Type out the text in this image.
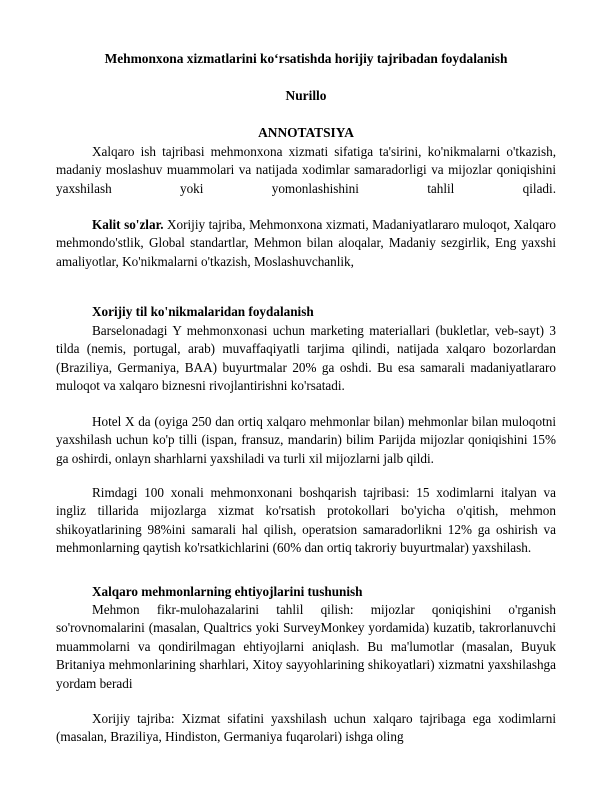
Mehmonxona xizmatlarini koʻrsatishda horijiy tajribadan foydalanish
Nurillo
ANNOTATSIYA

Xalqaro ish tajribasi mehmonxona xizmati sifatiga ta'sirini, ko'nikmalarni o'tkazish, madaniy moslashuv muammolari va natijada xodimlar samaradorligi va mijozlar qoniqishini yaxshilash yoki yomonlashishini tahlil qiladi.

Kalit so'zlar. Xorijiy tajriba, Mehmonxona xizmati, Madaniyatlararo muloqot, Xalqaro mehmondo'stlik, Global standartlar, Mehmon bilan aloqalar, Madaniy sezgirlik, Eng yaxshi amaliyotlar, Ko'nikmalarni o'tkazish, Moslashuvchanlik,

Xorijiy til ko'nikmalaridan foydalanish

Barselonadagi Y mehmonxonasi uchun marketing materiallari (bukletlar, veb-sayt) 3 tilda (nemis, portugal, arab) muvaffaqiyatli tarjima qilindi, natijada xalqaro bozorlardan (Braziliya, Germaniya, BAA) buyurtmalar 20% ga oshdi. Bu esa samarali madaniyatlararo muloqot va xalqaro biznesni rivojlantirishni ko'rsatadi.

Hotel X da (oyiga 250 dan ortiq xalqaro mehmonlar bilan) mehmonlar bilan muloqotni yaxshilash uchun ko'p tilli (ispan, fransuz, mandarin) bilim Parijda mijozlar qoniqishini 15% ga oshirdi, onlayn sharhlarni yaxshiladi va turli xil mijozlarni jalb qildi.

Rimdagi 100 xonali mehmonxonani boshqarish tajribasi: 15 xodimlarni italyan va ingliz tillarida mijozlarga xizmat ko'rsatish protokollari bo'yicha o'qitish, mehmon shikoyatlarining 98%ini samarali hal qilish, operatsion samaradorlikni 12% ga oshirish va mehmonlarning qaytish ko'rsatkichlarini (60% dan ortiq takroriy buyurtmalar) yaxshilash.

Xalqaro mehmonlarning ehtiyojlarini tushunish

Mehmon fikr-mulohazalarini tahlil qilish: mijozlar qoniqishini o'rganish so'rovnomalarini (masalan, Qualtrics yoki SurveyMonkey yordamida) kuzatib, takrorlanuvchi muammolarni va qondirilmagan ehtiyojlarni aniqlash. Bu ma'lumotlar (masalan, Buyuk Britaniya mehmonlarining sharhlari, Xitoy sayyohlarining shikoyatlari) xizmatni yaxshilashga yordam beradi

Xorijiy tajriba: Xizmat sifatini yaxshilash uchun xalqaro tajribaga ega xodimlarni (masalan, Braziliya, Hindiston, Germaniya fuqarolari) ishga oling
